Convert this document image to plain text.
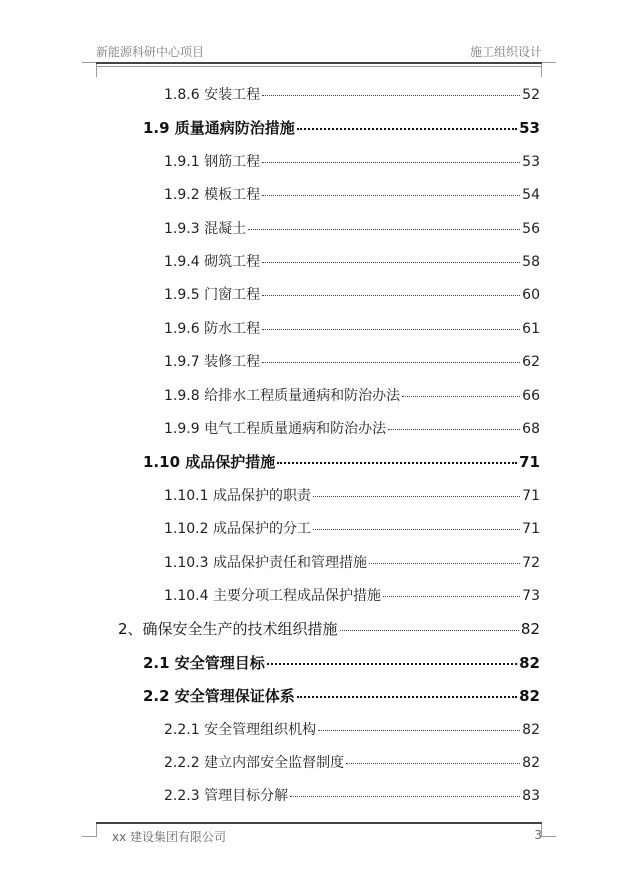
新能源科研中心项目	施工组织设计
1.8.6 安装工程	52
1.9 质量通病防治措施	53
1.9.1 钢筋工程	53
1.9.2 模板工程	54
1.9.3 混凝土	56
1.9.4 砌筑工程	58
1.9.5 门窗工程	60
1.9.6 防水工程	61
1.9.7 装修工程	62
1.9.8 给排水工程质量通病和防治办法	66
1.9.9 电气工程质量通病和防治办法	68
1.10 成品保护措施	71
1.10.1 成品保护的职责	71
1.10.2 成品保护的分工	71
1.10.3 成品保护责任和管理措施	72
1.10.4 主要分项工程成品保护措施	73
2、确保安全生产的技术组织措施	82
2.1 安全管理目标	82
2.2 安全管理保证体系	82
2.2.1 安全管理组织机构	82
2.2.2 建立内部安全监督制度	82
2.2.3 管理目标分解	83
xx 建设集团有限公司	3
